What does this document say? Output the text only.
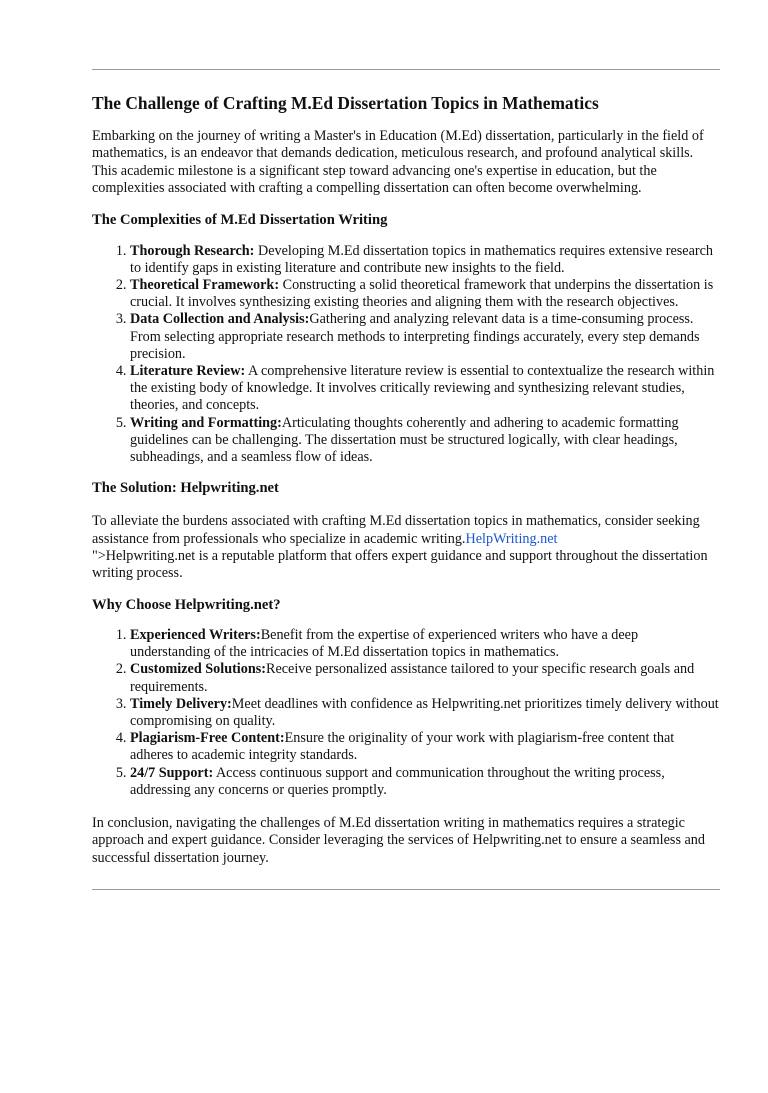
The Challenge of Crafting M.Ed Dissertation Topics in Mathematics

Embarking on the journey of writing a Master's in Education (M.Ed) dissertation, particularly in the field of mathematics, is an endeavor that demands dedication, meticulous research, and profound analytical skills. This academic milestone is a significant step toward advancing one's expertise in education, but the complexities associated with crafting a compelling dissertation can often become overwhelming.

The Complexities of M.Ed Dissertation Writing
1. Thorough Research: Developing M.Ed dissertation topics in mathematics requires extensive research to identify gaps in existing literature and contribute new insights to the field.
2. Theoretical Framework: Constructing a solid theoretical framework that underpins the dissertation is crucial. It involves synthesizing existing theories and aligning them with the research objectives.
3. Data Collection and Analysis:Gathering and analyzing relevant data is a time-consuming process. From selecting appropriate research methods to interpreting findings accurately, every step demands precision.
4. Literature Review: A comprehensive literature review is essential to contextualize the research within the existing body of knowledge. It involves critically reviewing and synthesizing relevant studies, theories, and concepts.
5. Writing and Formatting:Articulating thoughts coherently and adhering to academic formatting guidelines can be challenging. The dissertation must be structured logically, with clear headings, subheadings, and a seamless flow of ideas.
The Solution: Helpwriting.net

To alleviate the burdens associated with crafting M.Ed dissertation topics in mathematics, consider seeking assistance from professionals who specialize in academic writing.HelpWriting.net
">Helpwriting.net is a reputable platform that offers expert guidance and support throughout the dissertation writing process.

Why Choose Helpwriting.net?
1. Experienced Writers:Benefit from the expertise of experienced writers who have a deep understanding of the intricacies of M.Ed dissertation topics in mathematics.
2. Customized Solutions:Receive personalized assistance tailored to your specific research goals and requirements.
3. Timely Delivery:Meet deadlines with confidence as Helpwriting.net prioritizes timely delivery without compromising on quality.
4. Plagiarism-Free Content:Ensure the originality of your work with plagiarism-free content that adheres to academic integrity standards.
5. 24/7 Support: Access continuous support and communication throughout the writing process, addressing any concerns or queries promptly.

In conclusion, navigating the challenges of M.Ed dissertation writing in mathematics requires a strategic approach and expert guidance. Consider leveraging the services of Helpwriting.net to ensure a seamless and successful dissertation journey.
